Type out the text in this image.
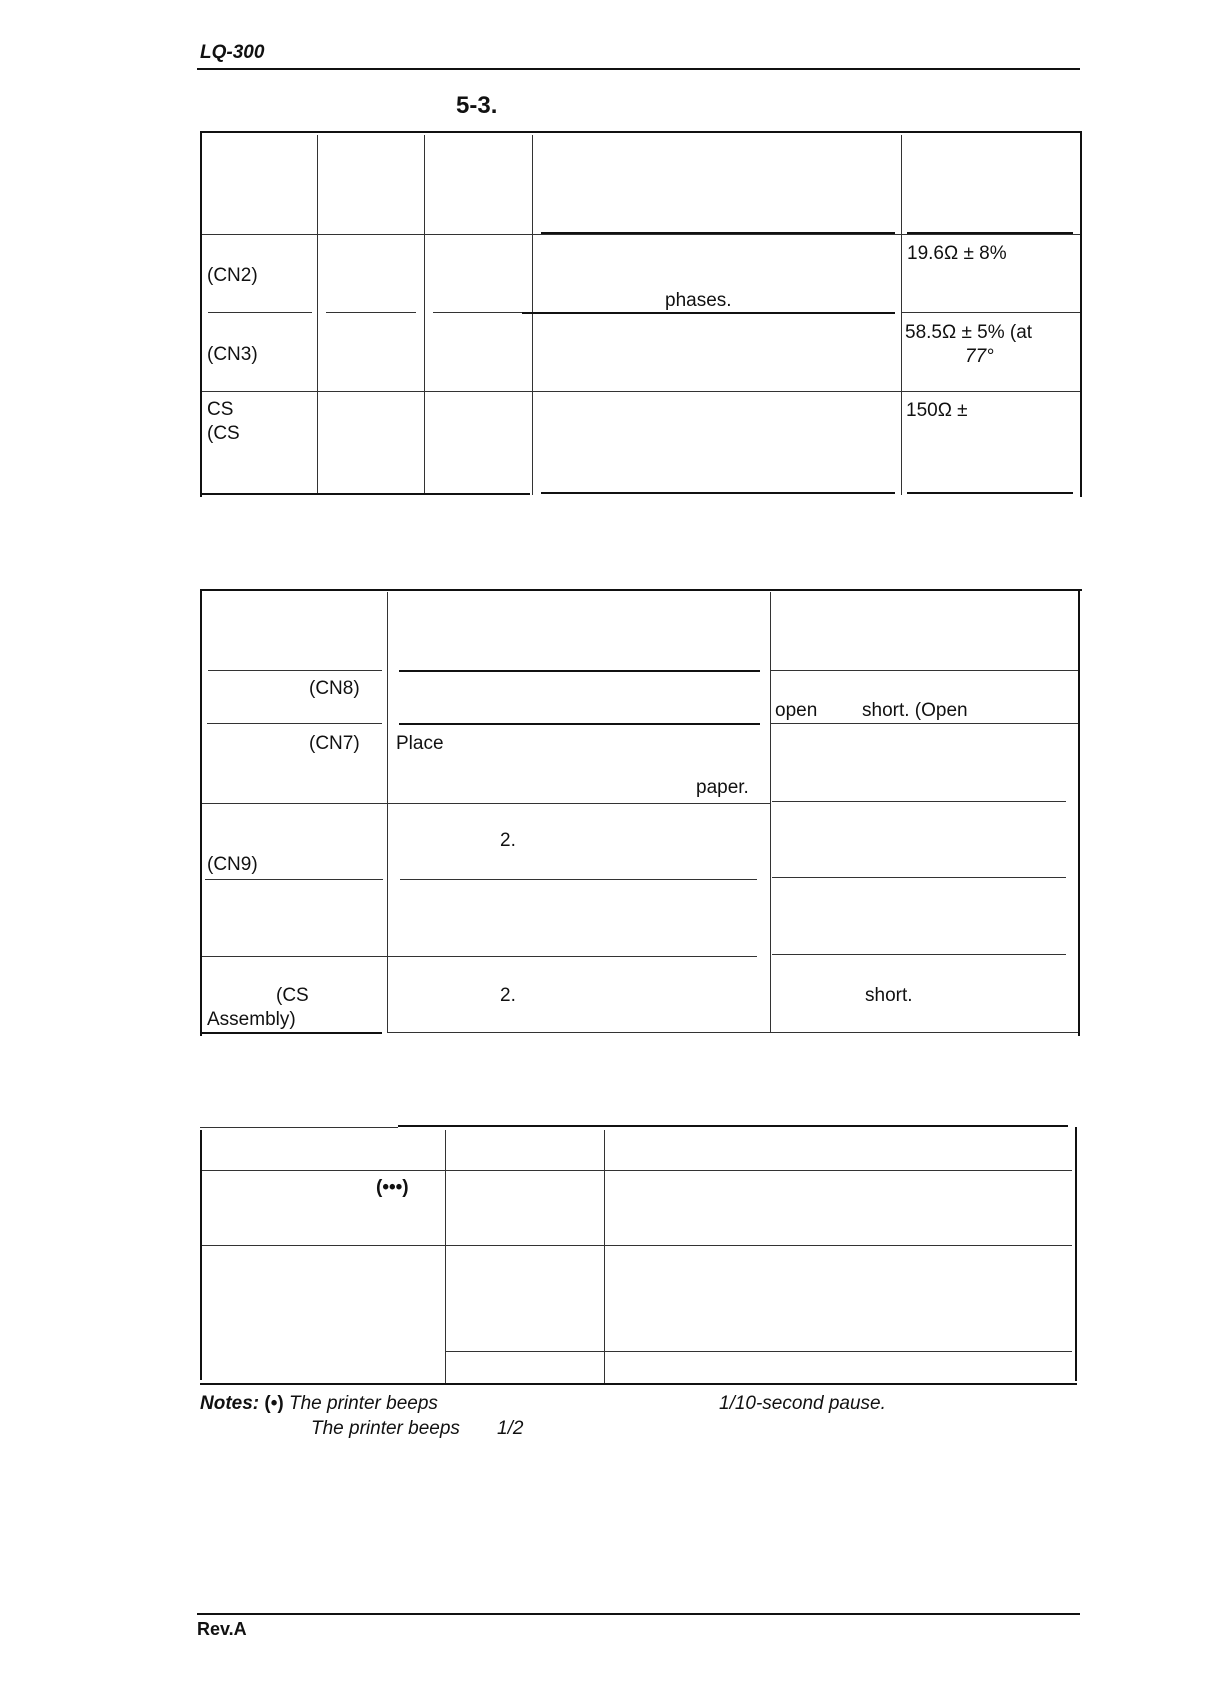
LQ-300
5-3.
(CN2)
phases.
19.6Ω ± 8%
(CN3)
58.5Ω ± 5% (at
77°
CS
(CS
150Ω ±
(CN8)
open short. (Open
(CN7) Place
paper.
(CN9)
2.
(CS
Assembly)
2.	short.
(•••)
Notes: (•) The printer beeps	1/10-second pause.
The printer beeps 1/2
Rev.A
